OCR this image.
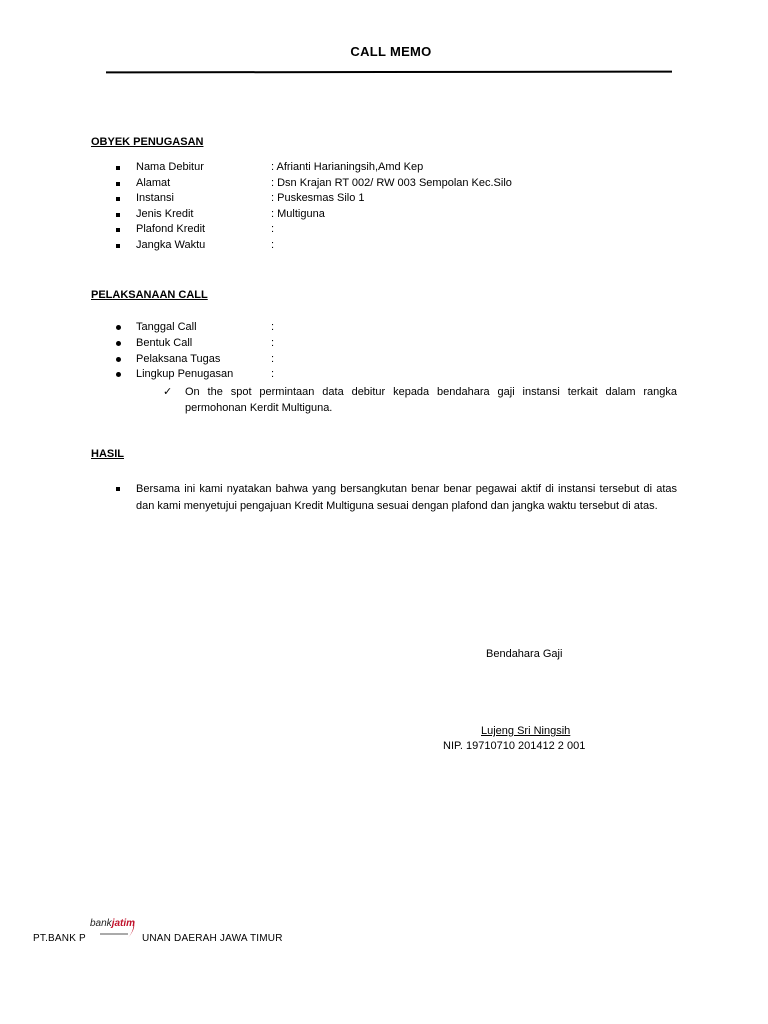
CALL MEMO
OBYEK PENUGASAN
Nama Debitur	: Afrianti Harianingsih,Amd Kep
Alamat	: Dsn Krajan RT 002/ RW 003 Sempolan Kec.Silo
Instansi	: Puskesmas Silo 1
Jenis Kredit	: Multiguna
Plafond Kredit	:
Jangka Waktu	:
PELAKSANAAN CALL
Tanggal Call	:
Bentuk Call	:
Pelaksana Tugas	:
Lingkup Penugasan	:
✓ On the spot permintaan data debitur kepada bendahara gaji instansi terkait dalam rangka permohonan Kerdit Multiguna.
HASIL
Bersama ini kami nyatakan bahwa yang bersangkutan benar benar pegawai aktif di instansi tersebut di atas dan kami menyetujui pengajuan Kredit Multiguna sesuai dengan plafond dan jangka waktu tersebut di atas.
Bendahara Gaji
Lujeng Sri Ningsih
NIP. 19710710 201412 2 001
PT.BANK P	UNAN DAERAH JAWA TIMUR
bankjatim
